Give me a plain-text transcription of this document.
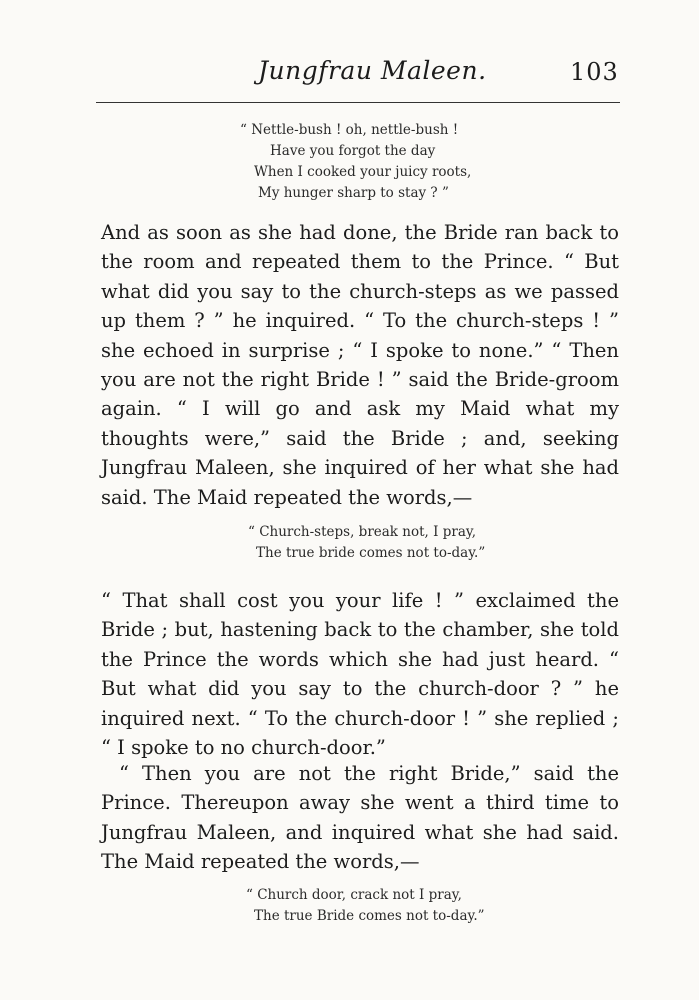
Jungfrau Maleen.	103
“ Nettle-bush ! oh, nettle-bush !
Have you forgot the day
When I cooked your juicy roots,
My hunger sharp to stay ? ”

And as soon as she had done, the Bride ran back to the room and repeated them to the Prince. “ But what did you say to the church-steps as we passed up them ? ” he inquired. “ To the church-steps ! ” she echoed in surprise ; “ I spoke to none.” “ Then you are not the right Bride ! ” said the Bride-groom again. “ I will go and ask my Maid what my thoughts were,” said the Bride ; and, seeking Jungfrau Maleen, she inquired of her what she had said. The Maid repeated the words,—

“ Church-steps, break not, I pray,
The true bride comes not to-day.”

“ That shall cost you your life ! ” exclaimed the Bride ; but, hastening back to the chamber, she told the Prince the words which she had just heard. “ But what did you say to the church-door ? ” he inquired next. “ To the church-door ! ” she replied ; “ I spoke to no church-door.”

“ Then you are not the right Bride,” said the Prince. Thereupon away she went a third time to Jungfrau Maleen, and inquired what she had said. The Maid repeated the words,—

“ Church door, crack not I pray,
The true Bride comes not to-day.”
